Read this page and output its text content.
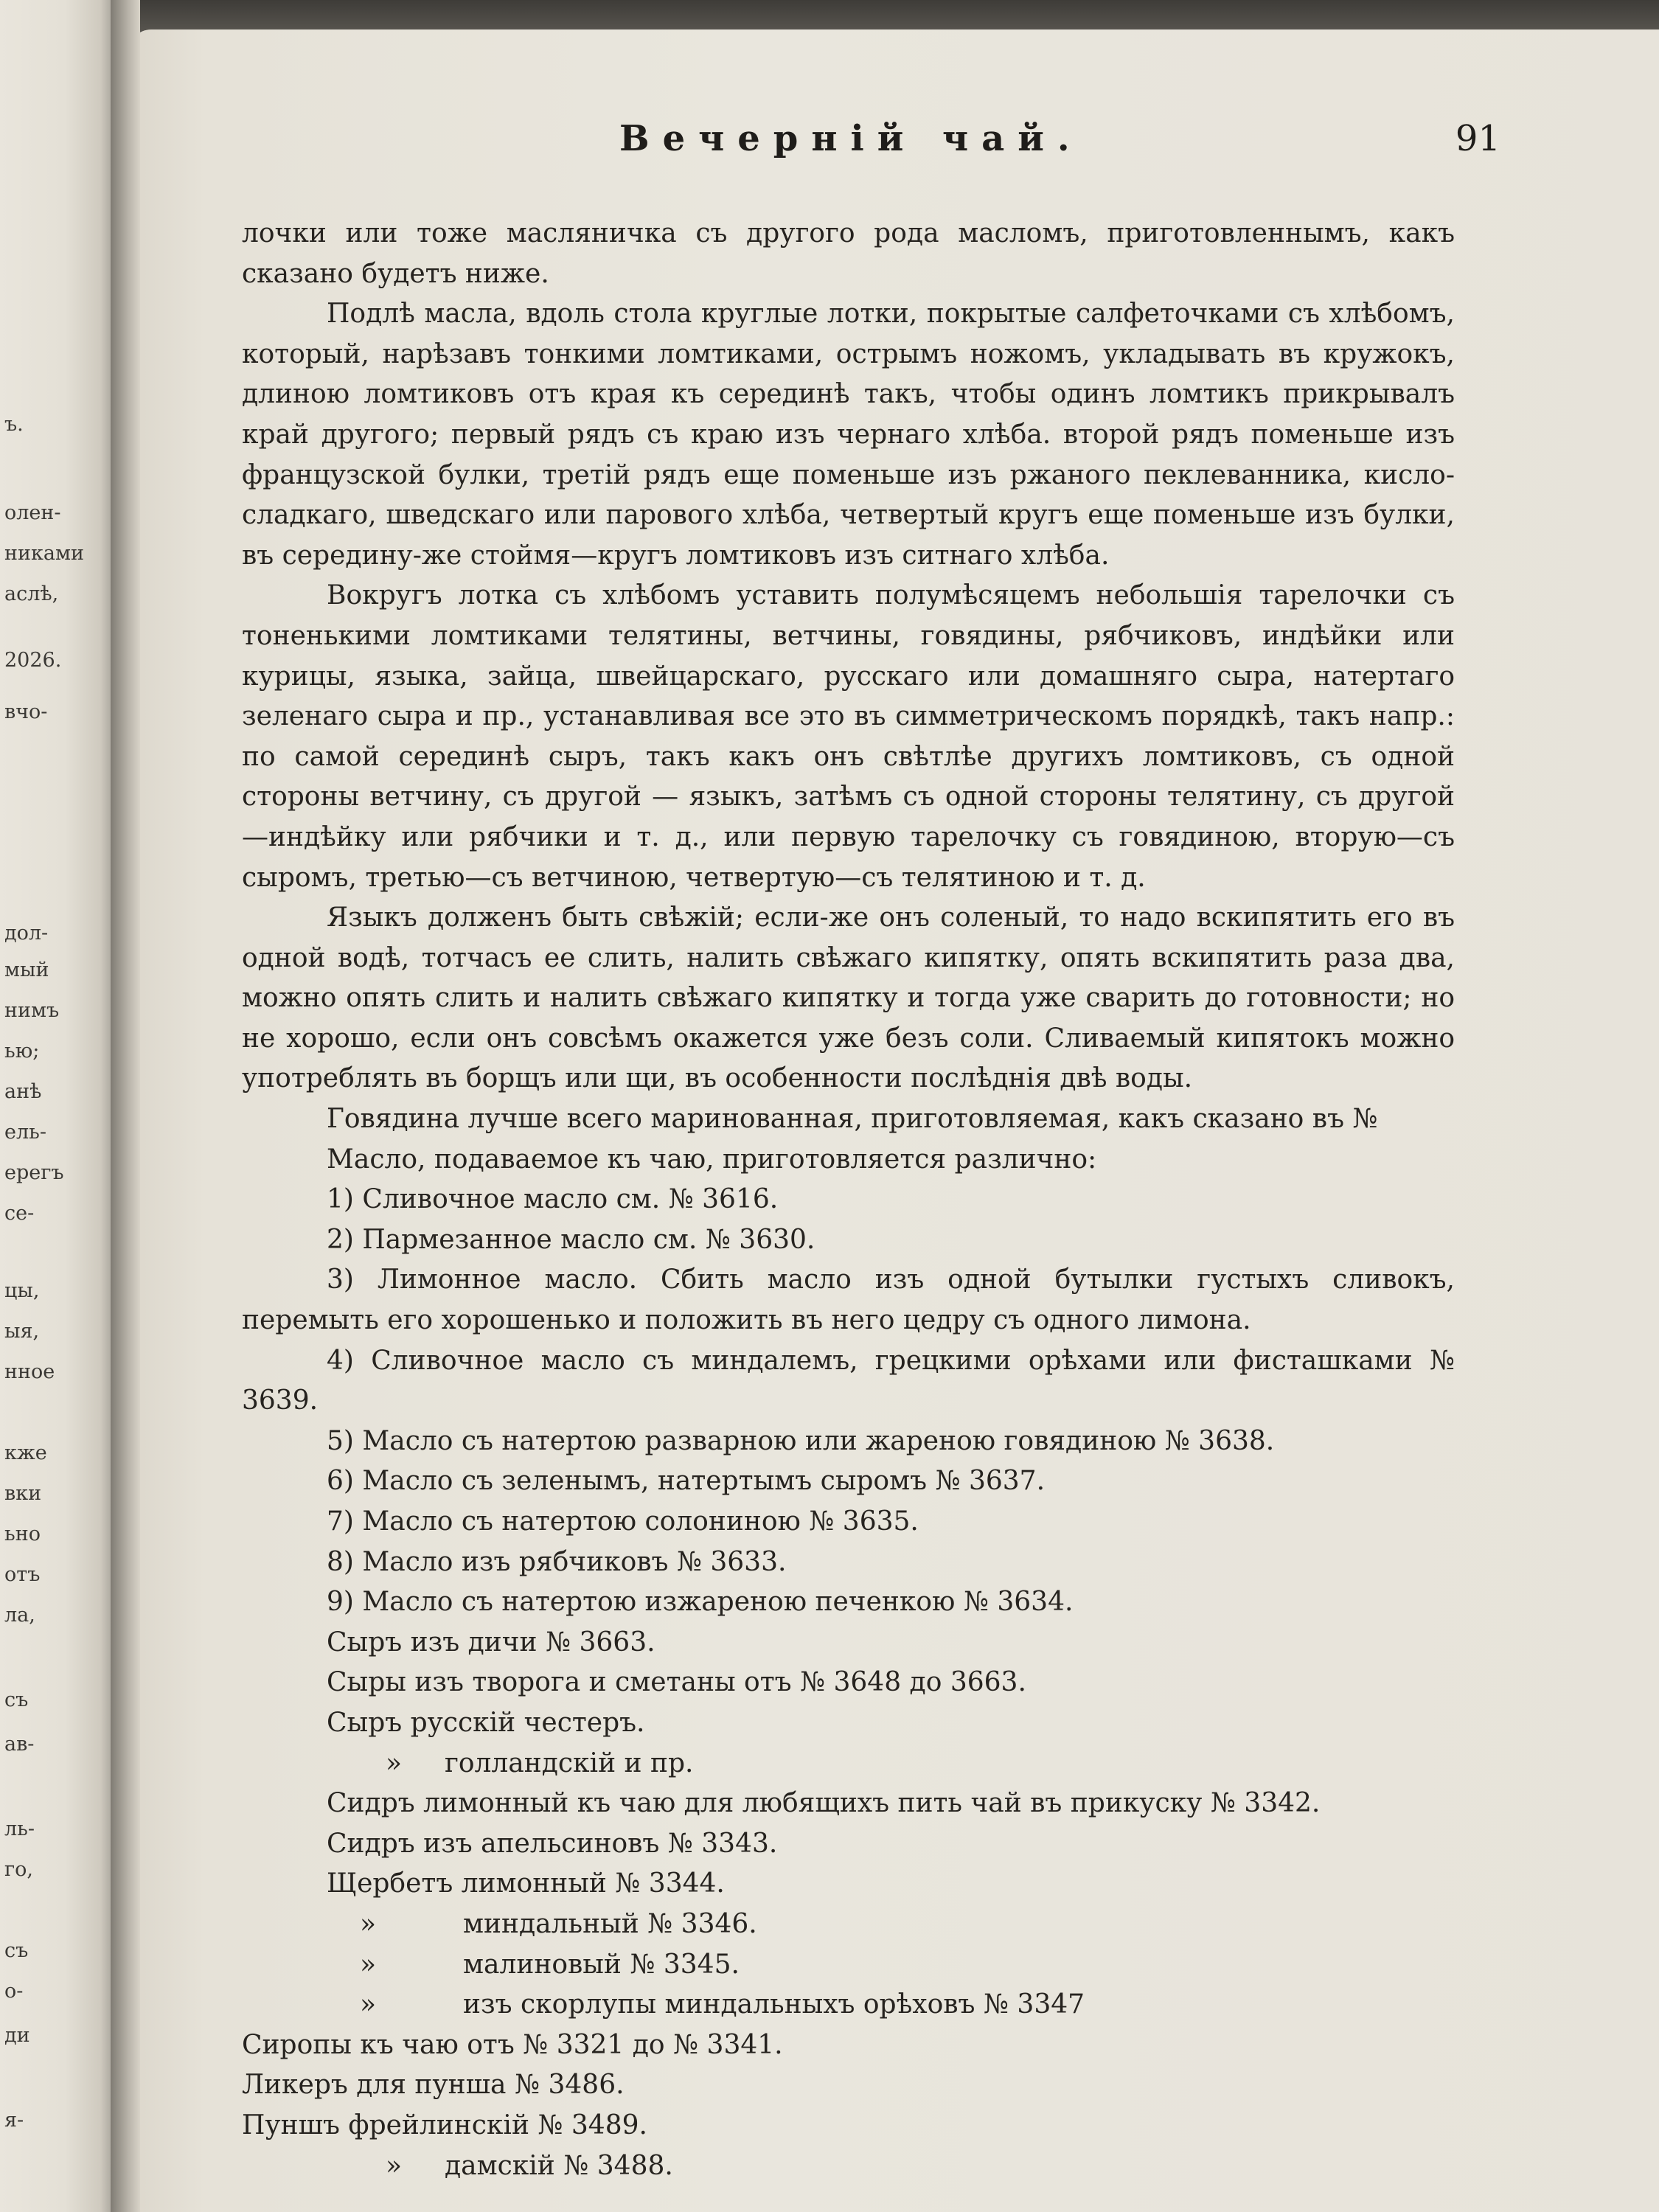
ъ.
олен-
никами
аслѣ,
2026.
вчо-
дол-
мый
нимъ
ью;
анѣ
ель-
ерегъ
се-
цы,
ыя,
нное
кже
вки
ьно
отъ
ла,
съ
ав-
ль-
го,
съ
о-
ди
я-
Вечернiй чай.	91

лочки или тоже масляничка съ другого рода масломъ, приготовленнымъ, какъ сказано будетъ ниже.

Подлѣ масла, вдоль стола круглые лотки, покрытые салфеточками съ хлѣбомъ, который, нарѣзавъ тонкими ломтиками, острымъ ножомъ, укладывать въ кружокъ, длиною ломтиковъ отъ края къ серединѣ такъ, чтобы одинъ ломтикъ прикрывалъ край другого; первый рядъ съ краю изъ чернаго хлѣба. второй рядъ поменьше изъ французской булки, третiй рядъ еще поменьше изъ ржаного пеклеванника, кисло-сладкаго, шведскаго или парового хлѣба, четвертый кругъ еще поменьше изъ булки, въ середину-же стоймя—кругъ ломтиковъ изъ ситнаго хлѣба.

Вокругъ лотка съ хлѣбомъ уставить полумѣсяцемъ небольшiя тарелочки съ тоненькими ломтиками телятины, ветчины, говядины, рябчиковъ, индѣйки или курицы, языка, зайца, швейцарскаго, русскаго или домашняго сыра, натертаго зеленаго сыра и пр., устанавливая все это въ симметрическомъ порядкѣ, такъ напр.: по самой серединѣ сыръ, такъ какъ онъ свѣтлѣе другихъ ломтиковъ, съ одной стороны ветчину, съ другой — языкъ, затѣмъ съ одной стороны телятину, съ другой—индѣйку или рябчики и т. д., или первую тарелочку съ говядиною, вторую—съ сыромъ, третью—съ ветчиною, четвертую—съ телятиною и т. д.

Языкъ долженъ быть свѣжiй; если-же онъ соленый, то надо вскипятить его въ одной водѣ, тотчасъ ее слить, налить свѣжаго кипятку, опять вскипятить раза два, можно опять слить и налить свѣжаго кипятку и тогда уже сварить до готовности; но не хорошо, если онъ совсѣмъ окажется уже безъ соли. Сливаемый кипятокъ можно употреблять въ борщъ или щи, въ особенности послѣднiя двѣ воды.

Говядина лучше всего маринованная, приготовляемая, какъ сказано въ №

Масло, подаваемое къ чаю, приготовляется различно:

1) Сливочное масло см. № 3616.

2) Пармезанное масло см. № 3630.

3) Лимонное масло. Сбить масло изъ одной бутылки густыхъ сливокъ, перемыть его хорошенько и положить въ него цедру съ одного лимона.

4) Сливочное масло съ миндалемъ, грецкими орѣхами или фисташками № 3639.

5) Масло съ натертою разварною или жареною говядиною № 3638.

6) Масло съ зеленымъ, натертымъ сыромъ № 3637.

7) Масло съ натертою солониною № 3635.

8) Масло изъ рябчиковъ № 3633.

9) Масло съ натертою изжареною печенкою № 3634.

Сыръ изъ дичи № 3663.

Сыры изъ творога и сметаны отъ № 3648 до 3663.

Сыръ русскiй честеръ.

» голландскiй и пр.

Сидръ лимонный къ чаю для любящихъ пить чай въ прикуску № 3342.

Сидръ изъ апельсиновъ № 3343.

Щербетъ лимонный № 3344.

»	миндальный № 3346.

»	малиновый № 3345.

»	изъ скорлупы миндальныхъ орѣховъ № 3347

Сиропы къ чаю отъ № 3321 до № 3341.

Ликеръ для пунша № 3486.

Пуншъ фрейлинскiй № 3489.

» дамскiй № 3488.
